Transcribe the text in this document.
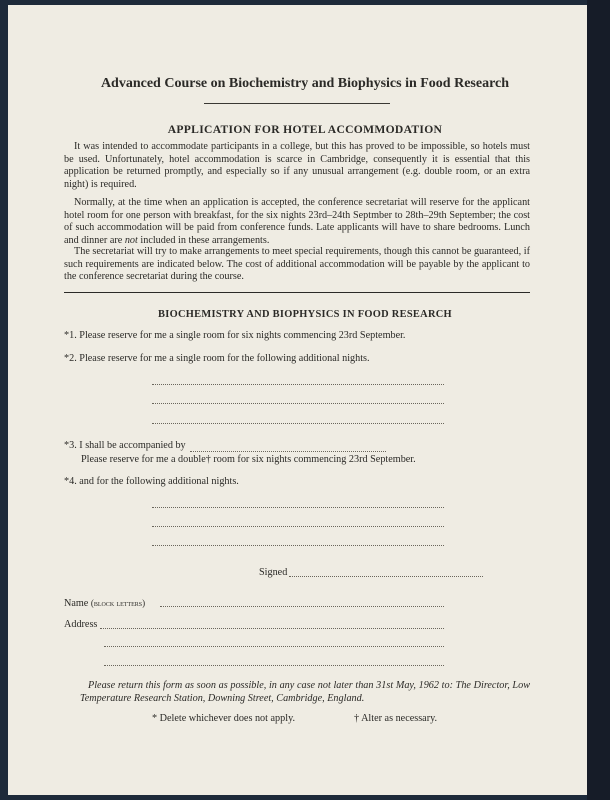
Advanced Course on Biochemistry and Biophysics in Food Research
APPLICATION FOR HOTEL ACCOMMODATION
It was intended to accommodate participants in a college, but this has proved to be impossible, so hotels must be used. Unfortunately, hotel accommodation is scarce in Cambridge, consequently it is essential that this application be returned promptly, and especially so if any unusual arrangement (e.g. double room, or an extra night) is required.
Normally, at the time when an application is accepted, the conference secretariat will reserve for the applicant hotel room for one person with breakfast, for the six nights 23rd–24th Septmber to 28th–29th September; the cost of such accommodation will be paid from conference funds. Late applicants will have to share bedrooms. Lunch and dinner are not included in these arrangements.
The secretariat will try to make arrangements to meet special requirements, though this cannot be guaranteed, if such requirements are indicated below. The cost of additional accommodation will be payable by the applicant to the conference secretariat during the course.
BIOCHEMISTRY AND BIOPHYSICS IN FOOD RESEARCH
*1. Please reserve for me a single room for six nights commencing 23rd September.
*2. Please reserve for me a single room for the following additional nights.
*3. I shall be accompanied by
Please reserve for me a double† room for six nights commencing 23rd September.
*4. and for the following additional nights.
Signed
Name (block letters)
Address
Please return this form as soon as possible, in any case not later than 31st May, 1962 to: The Director, Low Temperature Research Station, Downing Street, Cambridge, England.
* Delete whichever does not apply.	† Alter as necessary.
